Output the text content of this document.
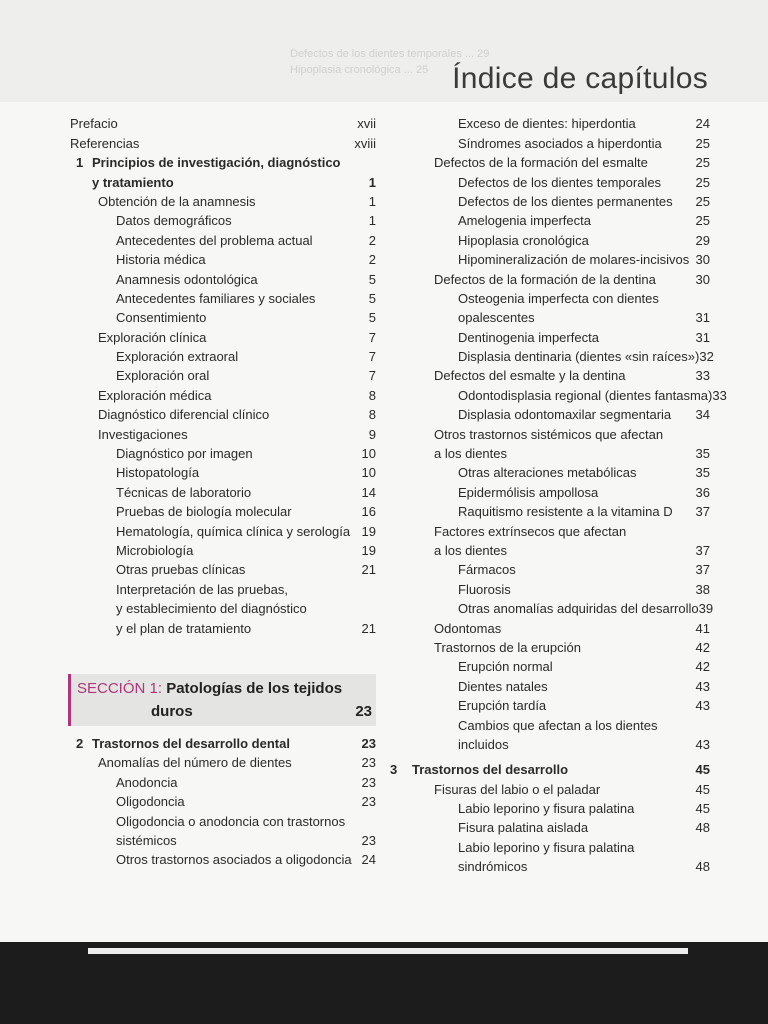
Defectos de los dientes temporales ... 29
Hipoplasia cronológica ... 25 Índice de capítulos
Prefacio	xvii
Referencias	xviii
1 Principios de investigación, diagnóstico
y tratamiento	1
Obtención de la anamnesis	1
Datos demográficos	1
Antecedentes del problema actual	2
Historia médica	2
Anamnesis odontológica	5
Antecedentes familiares y sociales	5
Consentimiento	5
Exploración clínica	7
Exploración extraoral	7
Exploración oral	7
Exploración médica	8
Diagnóstico diferencial clínico	8
Investigaciones	9
Diagnóstico por imagen	10
Histopatología	10
Técnicas de laboratorio	14
Pruebas de biología molecular	16
Hematología, química clínica y serología 19
Microbiología	19
Otras pruebas clínicas	21
Interpretación de las pruebas,
y establecimiento del diagnóstico
y el plan de tratamiento	21
SECCIÓN 1: Patologías de los tejidos
duros	23
2 Trastornos del desarrollo dental	23
Anomalías del número de dientes	23
Anodoncia	23
Oligodoncia	23
Oligodoncia o anodoncia con trastornos
sistémicos	23
Otros trastornos asociados a oligodoncia 24
Exceso de dientes: hiperdontia	24
Síndromes asociados a hiperdontia	25
Defectos de la formación del esmalte	25
Defectos de los dientes temporales	25
Defectos de los dientes permanentes	25
Amelogenia imperfecta	25
Hipoplasia cronológica	29
Hipomineralización de molares-incisivos 30
Defectos de la formación de la dentina	30
Osteogenia imperfecta con dientes
opalescentes	31
Dentinogenia imperfecta	31
Displasia dentinaria (dientes «sin raíces») 32
Defectos del esmalte y la dentina	33
Odontodisplasia regional (dientes fantasma) 33
Displasia odontomaxilar segmentaria	34
Otros trastornos sistémicos que afectan
a los dientes	35
Otras alteraciones metabólicas	35
Epidermólisis ampollosa	36
Raquitismo resistente a la vitamina D	37
Factores extrínsecos que afectan
a los dientes	37
Fármacos	37
Fluorosis	38
Otras anomalías adquiridas del desarrollo 39
Odontomas	41
Trastornos de la erupción	42
Erupción normal	42
Dientes natales	43
Erupción tardía	43
Cambios que afectan a los dientes
incluidos	43
3 Trastornos del desarrollo	45
Fisuras del labio o el paladar	45
Labio leporino y fisura palatina	45
Fisura palatina aislada	48
Labio leporino y fisura palatina
sindrómicos	48
